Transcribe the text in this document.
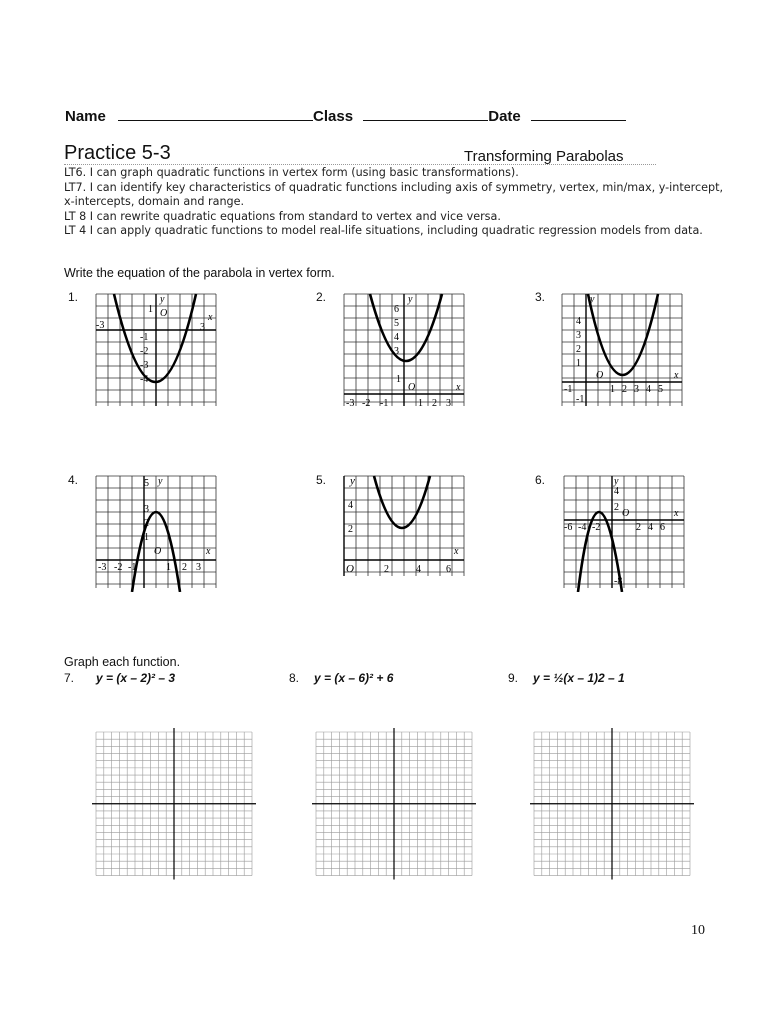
Name	Class	Date
Practice 5-3	Transforming Parabolas
LT6. I can graph quadratic functions in vertex form (using basic transformations).
LT7. I can identify key characteristics of quadratic functions including axis of symmetry, vertex, min/max, y-intercept, x-intercepts, domain and range.
LT 8 I can rewrite quadratic equations from standard to vertex and vice versa.
LT 4 I can apply quadratic functions to model real-life situations, including quadratic regression models from data.
Write the equation of the parabola in vertex form.
1.	2.	3.
4.	5.	6.
-3
1
-1
-2
-3
-4
O
3
y
x
6
5
4
3
1
O
-3 -2 -1	1 2 3
y
x
4
3
2
1
O
-1	1 2 3 4 5
-1
y
x
5
3
2
1
O
-3 -2 -1	1 2 3
y
x
4
2
O	2	4	6
y
x
4
2
-6 -4 -2
O
2 4 6
-8
y
x
Graph each function.
7. y = (x – 2)² – 3	8. y = (x – 6)² + 6	9. y = ½(x – 1)2 – 1
10
